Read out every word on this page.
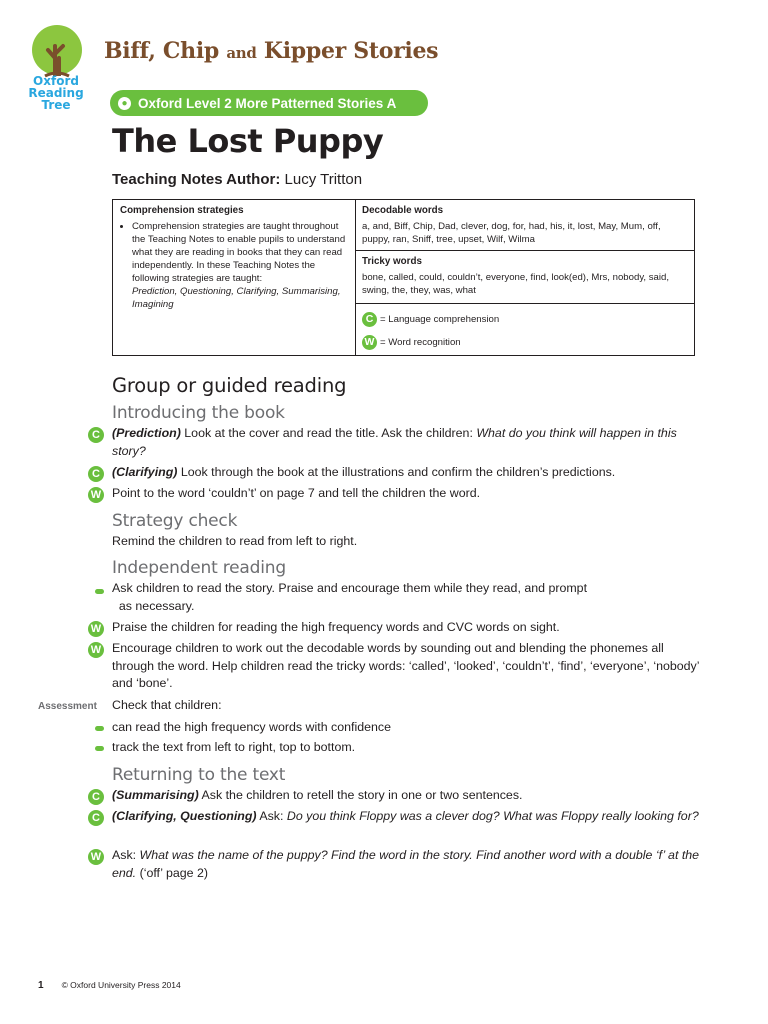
Oxford
Reading
Tree
Biff, Chip and Kipper Stories
● Oxford Level 2 More Patterned Stories A
The Lost Puppy
Teaching Notes Author: Lucy Tritton
Comprehension strategies
• Comprehension strategies are taught throughout the Teaching Notes to enable pupils to understand what they are reading in books that they can read independently. In these Teaching Notes the following strategies are taught:
Prediction, Questioning, Clarifying, Summarising, Imagining
Decodable words
a, and, Biff, Chip, Dad, clever, dog, for, had, his, it, lost, May, Mum, off, puppy, ran, Sniff, tree, upset, Wilf, Wilma
Tricky words
bone, called, could, couldn’t, everyone, find, look(ed), Mrs, nobody, said, swing, the, they, was, what
C = Language comprehension
W = Word recognition
Group or guided reading
Introducing the book
C (Prediction) Look at the cover and read the title. Ask the children: What do you think will happen in this story?
C (Clarifying) Look through the book at the illustrations and confirm the children’s predictions.
W Point to the word ‘couldn’t’ on page 7 and tell the children the word.
Strategy check
Remind the children to read from left to right.
Independent reading
Ask children to read the story. Praise and encourage them while they read, and prompt
as necessary.
W Praise the children for reading the high frequency words and CVC words on sight.
W Encourage children to work out the decodable words by sounding out and blending the phonemes all through the word. Help children read the tricky words: ‘called’, ‘looked’, ‘couldn’t’, ‘find’, ‘everyone’, ‘nobody’ and ‘bone’.
Assessment Check that children:
can read the high frequency words with confidence
track the text from left to right, top to bottom.
Returning to the text
C (Summarising) Ask the children to retell the story in one or two sentences.
C (Clarifying, Questioning) Ask: Do you think Floppy was a clever dog? What was Floppy really looking for?
W Ask: What was the name of the puppy? Find the word in the story. Find another word with a double ‘f’ at the end. (‘off’ page 2)
1 © Oxford University Press 2014
